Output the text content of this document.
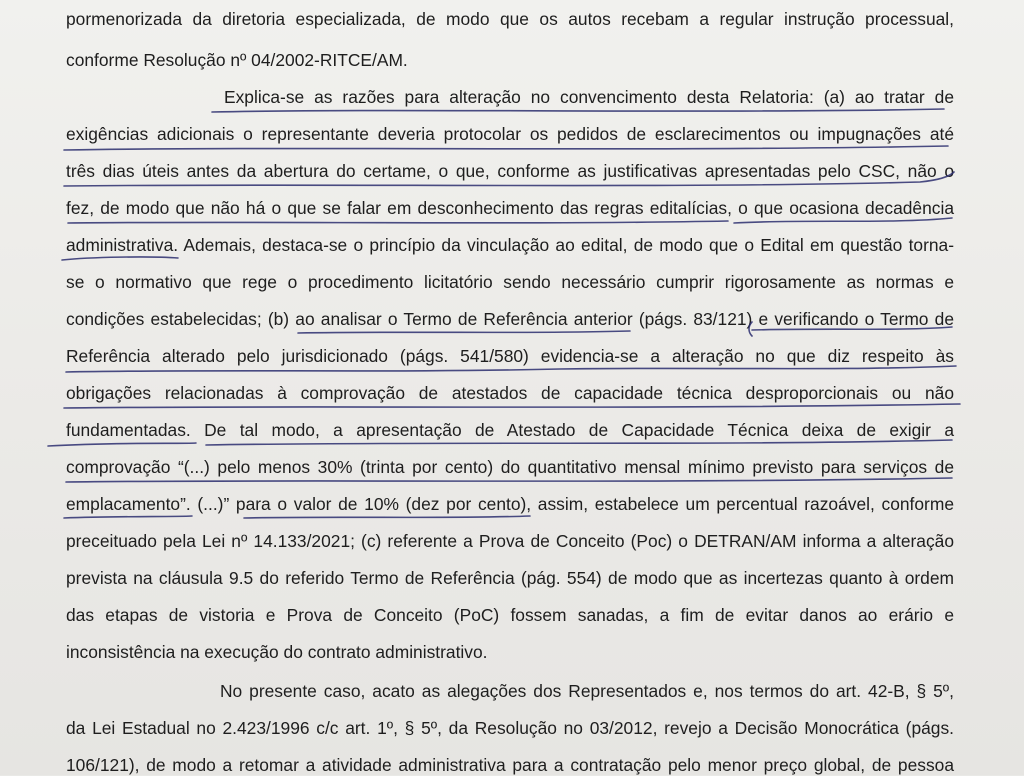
pormenorizada da diretoria especializada, de modo que os autos recebam a regular instrução processual,
conforme Resolução nº 04/2002-RITCE/AM.
Explica-se as razões para alteração no convencimento desta Relatoria: (a) ao tratar de
exigências adicionais o representante deveria protocolar os pedidos de esclarecimentos ou impugnações até
três dias úteis antes da abertura do certame, o que, conforme as justificativas apresentadas pelo CSC, não o
fez, de modo que não há o que se falar em desconhecimento das regras editalícias, o que ocasiona decadência
administrativa. Ademais, destaca-se o princípio da vinculação ao edital, de modo que o Edital em questão torna-
se o normativo que rege o procedimento licitatório sendo necessário cumprir rigorosamente as normas e
condições estabelecidas; (b) ao analisar o Termo de Referência anterior (págs. 83/121) e verificando o Termo de
Referência alterado pelo jurisdicionado (págs. 541/580) evidencia-se a alteração no que diz respeito às
obrigações relacionadas à comprovação de atestados de capacidade técnica desproporcionais ou não
fundamentadas. De tal modo, a apresentação de Atestado de Capacidade Técnica deixa de exigir a
comprovação “(...) pelo menos 30% (trinta por cento) do quantitativo mensal mínimo previsto para serviços de
emplacamento”. (...)” para o valor de 10% (dez por cento), assim, estabelece um percentual razoável, conforme
preceituado pela Lei nº 14.133/2021; (c) referente a Prova de Conceito (Poc) o DETRAN/AM informa a alteração
prevista na cláusula 9.5 do referido Termo de Referência (pág. 554) de modo que as incertezas quanto à ordem
das etapas de vistoria e Prova de Conceito (PoC) fossem sanadas, a fim de evitar danos ao erário e
inconsistência na execução do contrato administrativo.
No presente caso, acato as alegações dos Representados e, nos termos do art. 42-B, § 5º,
da Lei Estadual no 2.423/1996 c/c art. 1º, § 5º, da Resolução no 03/2012, revejo a Decisão Monocrática (págs.
106/121), de modo a retomar a atividade administrativa para a contratação pelo menor preço global, de pessoa
